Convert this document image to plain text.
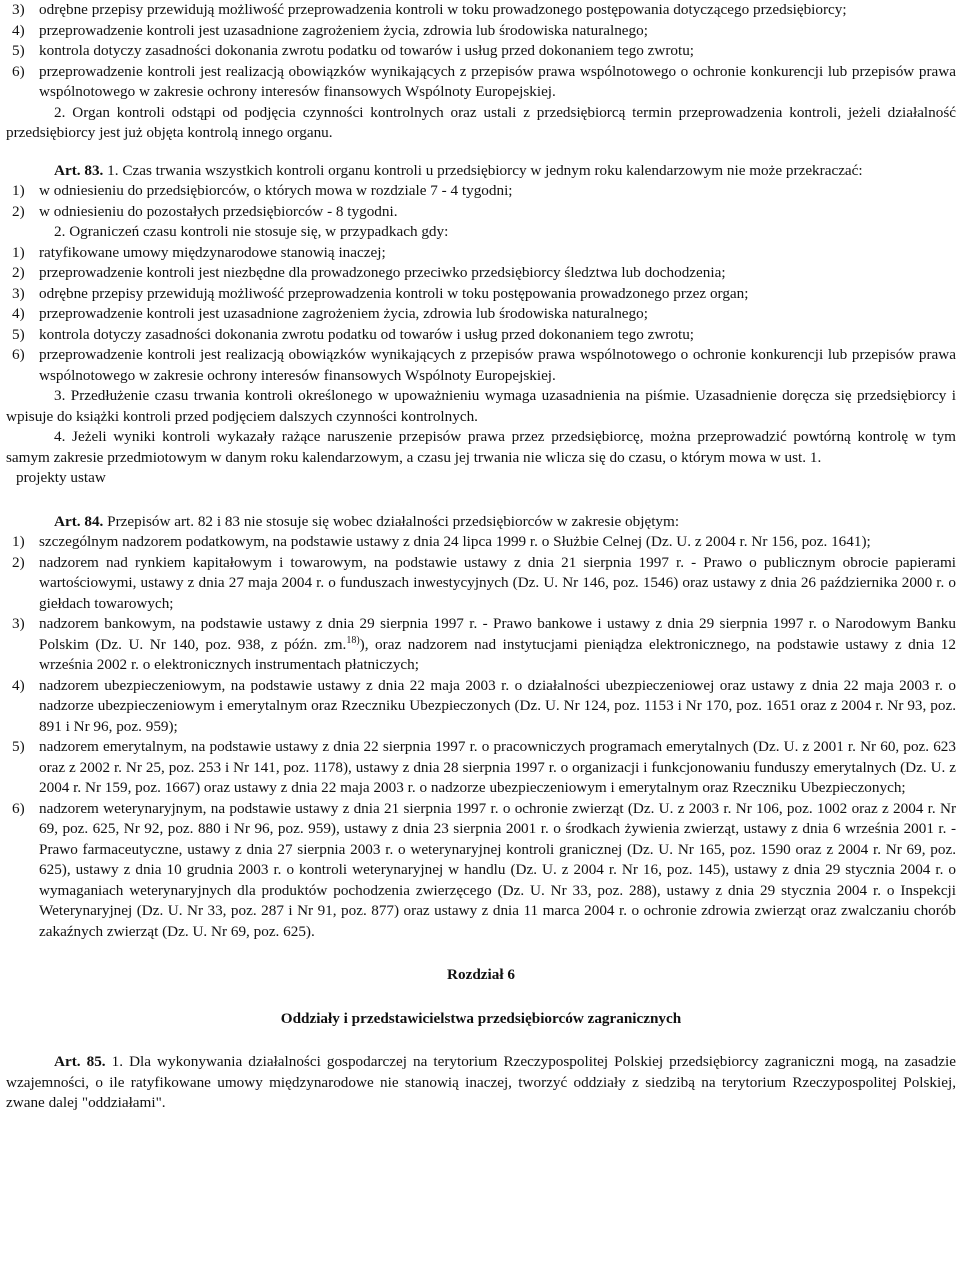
3) odrębne przepisy przewidują możliwość przeprowadzenia kontroli w toku prowadzonego postępowania dotyczącego przedsiębiorcy;

4) przeprowadzenie kontroli jest uzasadnione zagrożeniem życia, zdrowia lub środowiska naturalnego;

5) kontrola dotyczy zasadności dokonania zwrotu podatku od towarów i usług przed dokonaniem tego zwrotu;

6) przeprowadzenie kontroli jest realizacją obowiązków wynikających z przepisów prawa wspólnotowego o ochronie konkurencji lub przepisów prawa wspólnotowego w zakresie ochrony interesów finansowych Wspólnoty Europejskiej.

2. Organ kontroli odstąpi od podjęcia czynności kontrolnych oraz ustali z przedsiębiorcą termin przeprowadzenia kontroli, jeżeli działalność przedsiębiorcy jest już objęta kontrolą innego organu.

Art. 83. 1. Czas trwania wszystkich kontroli organu kontroli u przedsiębiorcy w jednym roku kalendarzowym nie może przekraczać:

1) w odniesieniu do przedsiębiorców, o których mowa w rozdziale 7 - 4 tygodni;

2) w odniesieniu do pozostałych przedsiębiorców - 8 tygodni.

2. Ograniczeń czasu kontroli nie stosuje się, w przypadkach gdy:

1) ratyfikowane umowy międzynarodowe stanowią inaczej;

2) przeprowadzenie kontroli jest niezbędne dla prowadzonego przeciwko przedsiębiorcy śledztwa lub dochodzenia;

3) odrębne przepisy przewidują możliwość przeprowadzenia kontroli w toku postępowania prowadzonego przez organ;

4) przeprowadzenie kontroli jest uzasadnione zagrożeniem życia, zdrowia lub środowiska naturalnego;

5) kontrola dotyczy zasadności dokonania zwrotu podatku od towarów i usług przed dokonaniem tego zwrotu;

6) przeprowadzenie kontroli jest realizacją obowiązków wynikających z przepisów prawa wspólnotowego o ochronie konkurencji lub przepisów prawa wspólnotowego w zakresie ochrony interesów finansowych Wspólnoty Europejskiej.

3. Przedłużenie czasu trwania kontroli określonego w upoważnieniu wymaga uzasadnienia na piśmie. Uzasadnienie doręcza się przedsiębiorcy i wpisuje do książki kontroli przed podjęciem dalszych czynności kontrolnych.

4. Jeżeli wyniki kontroli wykazały rażące naruszenie przepisów prawa przez przedsiębiorcę, można przeprowadzić powtórną kontrolę w tym samym zakresie przedmiotowym w danym roku kalendarzowym, a czasu jej trwania nie wlicza się do czasu, o którym mowa w ust. 1.

projekty ustaw

Art. 84. Przepisów art. 82 i 83 nie stosuje się wobec działalności przedsiębiorców w zakresie objętym:

1) szczególnym nadzorem podatkowym, na podstawie ustawy z dnia 24 lipca 1999 r. o Służbie Celnej (Dz. U. z 2004 r. Nr 156, poz. 1641);

2) nadzorem nad rynkiem kapitałowym i towarowym, na podstawie ustawy z dnia 21 sierpnia 1997 r. - Prawo o publicznym obrocie papierami wartościowymi, ustawy z dnia 27 maja 2004 r. o funduszach inwestycyjnych (Dz. U. Nr 146, poz. 1546) oraz ustawy z dnia 26 października 2000 r. o giełdach towarowych;

3) nadzorem bankowym, na podstawie ustawy z dnia 29 sierpnia 1997 r. - Prawo bankowe i ustawy z dnia 29 sierpnia 1997 r. o Narodowym Banku Polskim (Dz. U. Nr 140, poz. 938, z późn. zm.$^{18)}$), oraz nadzorem nad instytucjami pieniądza elektronicznego, na podstawie ustawy z dnia 12 września 2002 r. o elektronicznych instrumentach płatniczych;

4) nadzorem ubezpieczeniowym, na podstawie ustawy z dnia 22 maja 2003 r. o działalności ubezpieczeniowej oraz ustawy z dnia 22 maja 2003 r. o nadzorze ubezpieczeniowym i emerytalnym oraz Rzeczniku Ubezpieczonych (Dz. U. Nr 124, poz. 1153 i Nr 170, poz. 1651 oraz z 2004 r. Nr 93, poz. 891 i Nr 96, poz. 959);

5) nadzorem emerytalnym, na podstawie ustawy z dnia 22 sierpnia 1997 r. o pracowniczych programach emerytalnych (Dz. U. z 2001 r. Nr 60, poz. 623 oraz z 2002 r. Nr 25, poz. 253 i Nr 141, poz. 1178), ustawy z dnia 28 sierpnia 1997 r. o organizacji i funkcjonowaniu funduszy emerytalnych (Dz. U. z 2004 r. Nr 159, poz. 1667) oraz ustawy z dnia 22 maja 2003 r. o nadzorze ubezpieczeniowym i emerytalnym oraz Rzeczniku Ubezpieczonych;

6) nadzorem weterynaryjnym, na podstawie ustawy z dnia 21 sierpnia 1997 r. o ochronie zwierząt (Dz. U. z 2003 r. Nr 106, poz. 1002 oraz z 2004 r. Nr 69, poz. 625, Nr 92, poz. 880 i Nr 96, poz. 959), ustawy z dnia 23 sierpnia 2001 r. o środkach żywienia zwierząt, ustawy z dnia 6 września 2001 r. - Prawo farmaceutyczne, ustawy z dnia 27 sierpnia 2003 r. o weterynaryjnej kontroli granicznej (Dz. U. Nr 165, poz. 1590 oraz z 2004 r. Nr 69, poz. 625), ustawy z dnia 10 grudnia 2003 r. o kontroli weterynaryjnej w handlu (Dz. U. z 2004 r. Nr 16, poz. 145), ustawy z dnia 29 stycznia 2004 r. o wymaganiach weterynaryjnych dla produktów pochodzenia zwierzęcego (Dz. U. Nr 33, poz. 288), ustawy z dnia 29 stycznia 2004 r. o Inspekcji Weterynaryjnej (Dz. U. Nr 33, poz. 287 i Nr 91, poz. 877) oraz ustawy z dnia 11 marca 2004 r. o ochronie zdrowia zwierząt oraz zwalczaniu chorób zakaźnych zwierząt (Dz. U. Nr 69, poz. 625).

Rozdział 6

Oddziały i przedstawicielstwa przedsiębiorców zagranicznych

Art. 85. 1. Dla wykonywania działalności gospodarczej na terytorium Rzeczypospolitej Polskiej przedsiębiorcy zagraniczni mogą, na zasadzie wzajemności, o ile ratyfikowane umowy międzynarodowe nie stanowią inaczej, tworzyć oddziały z siedzibą na terytorium Rzeczypospolitej Polskiej, zwane dalej "oddziałami".
